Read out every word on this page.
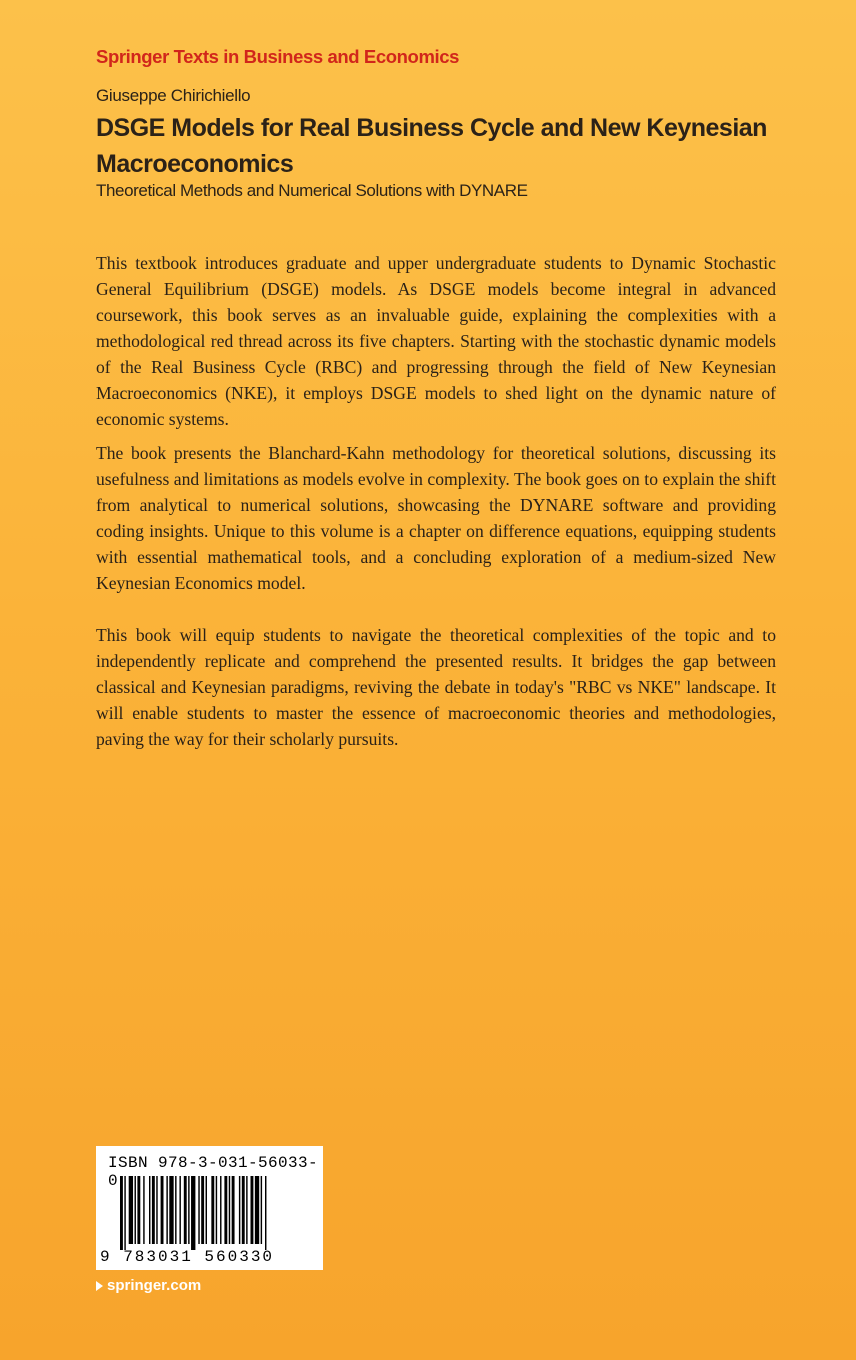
Springer Texts in Business and Economics
Giuseppe Chirichiello
DSGE Models for Real Business Cycle and New Keynesian Macroeconomics
Theoretical Methods and Numerical Solutions with DYNARE

This textbook introduces graduate and upper undergraduate students to Dynamic Stochastic General Equilibrium (DSGE) models. As DSGE models become integral in advanced coursework, this book serves as an invaluable guide, explaining the complexities with a methodological red thread across its five chapters. Starting with the stochastic dynamic models of the Real Business Cycle (RBC) and progressing through the field of New Keynesian Macroeconomics (NKE), it employs DSGE models to shed light on the dynamic nature of economic systems.

The book presents the Blanchard-Kahn methodology for theoretical solutions, discussing its usefulness and limitations as models evolve in complexity. The book goes on to explain the shift from analytical to numerical solutions, showcasing the DYNARE software and providing coding insights. Unique to this volume is a chapter on difference equations, equipping students with essential mathematical tools, and a concluding exploration of a medium-sized New Keynesian Economics model.

This book will equip students to navigate the theoretical complexities of the topic and to independently replicate and comprehend the presented results. It bridges the gap between classical and Keynesian paradigms, reviving the debate in today's "RBC vs NKE" landscape. It will enable students to master the essence of macroeconomic theories and methodologies, paving the way for their scholarly pursuits.

ISBN 978-3-031-56033-0
9 783031 560330
springer.com
